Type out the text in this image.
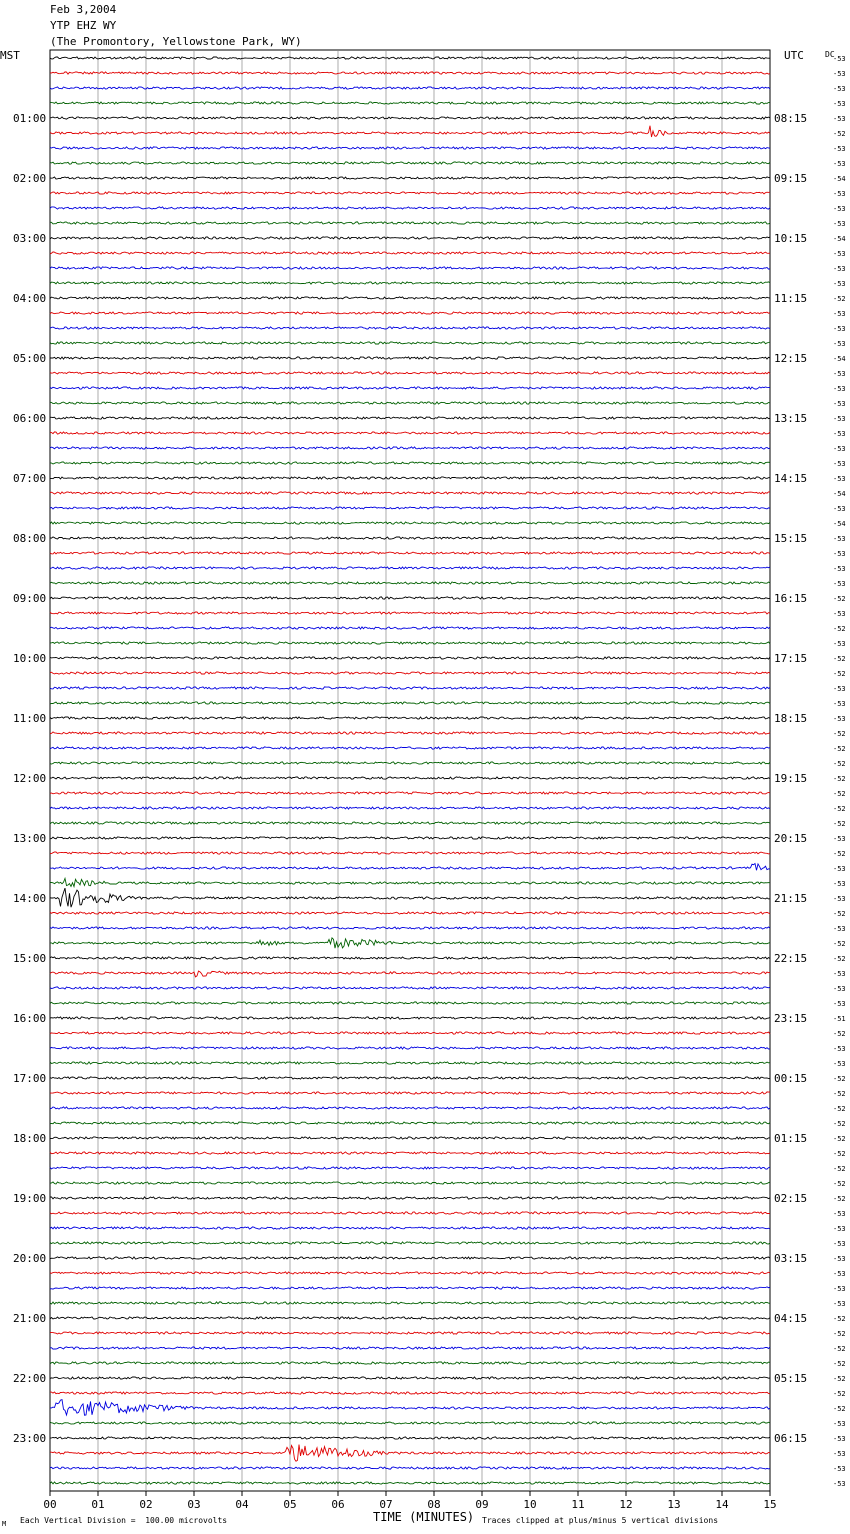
Feb 3,2004
YTP EHZ WY
(The Promontory, Yellowstone Park, WY)
MST	UTC	DC
-53
-53
-53
-53
-53
-52
-53
-53
-54
-53
-53
-53
-54
-53
-53
-53
-52
-53
-53
-53
-54
-53
-53
-53
-53
-53
-53
-53
-53
-54
-53
-54
-53
-53
-53
-53
-52
-53
-52
-53
-52
-52
-53
-53
-53
-52
-52
-52
-52
-52
-52
-52
-53
-52
-53
-53
-53
-52
-53
-52
-52
-53
-53
-53
-51
-52
-53
-53
-52
-52
-52
-52
-52
-52
-52
-52
-52
-53
-53
-53
-53
-53
-53
-53
-52
-52
-52
-52
-52
-52
-52
-53
-53
-53
-53
-53
01:00	08:15
02:00	09:15
03:00	10:15
04:00	11:15
05:00	12:15
06:00	13:15
07:00	14:15
08:00	15:15
09:00	16:15
10:00	17:15
11:00	18:15
12:00	19:15
13:00	20:15
14:00	21:15
15:00	22:15
16:00	23:15
17:00	00:15
18:00	01:15
19:00	02:15
20:00	03:15
21:00	04:15
22:00	05:15
23:00	06:15
00	01	02	03	04	05	06	07	08	09	10	11	12	13	14	15
Each Vertical Division =  100.00 microvolts	TIME (MINUTES) Traces clipped at plus/minus 5 vertical divisions
M
